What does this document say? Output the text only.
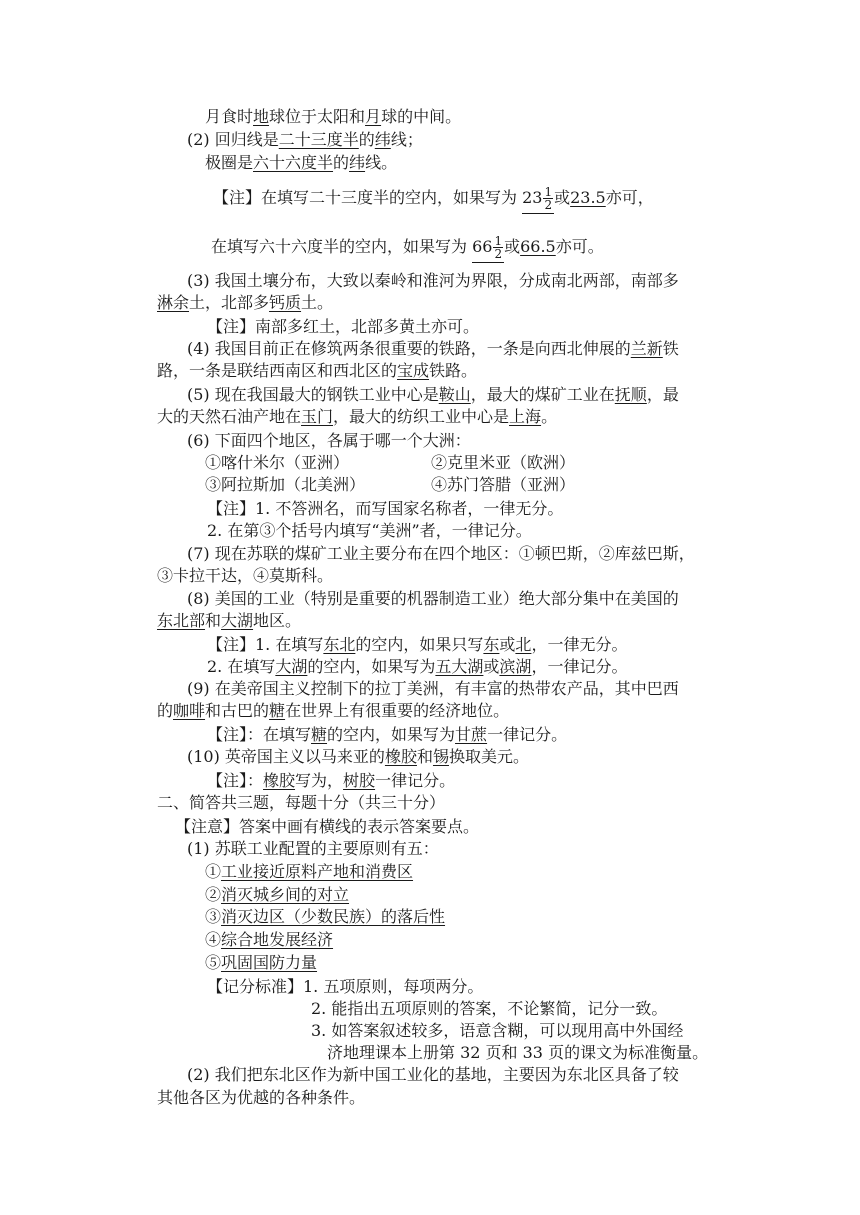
月食时地球位于太阳和月球的中间。
(2) 回归线是二十三度半的纬线；
极圈是六十六度半的纬线。
【注】在填写二十三度半的空内，如果写为 $23 \frac{1}{2}$ 或23.5亦可，
在填写六十六度半的空内，如果写为 $66 \frac{1}{2}$ 或66.5亦可。
(3) 我国土壤分布，大致以秦岭和淮河为界限，分成南北两部，南部多
淋余土，北部多钙质土。
【注】南部多红土，北部多黄土亦可。
(4) 我国目前正在修筑两条很重要的铁路，一条是向西北伸展的兰新铁
路，一条是联结西南区和西北区的宝成铁路。
(5) 现在我国最大的钢铁工业中心是鞍山，最大的煤矿工业在抚顺，最
大的天然石油产地在玉门，最大的纺织工业中心是上海。
(6) 下面四个地区，各属于哪一个大洲：
①喀什米尔（亚洲）	②克里米亚（欧洲）
③阿拉斯加（北美洲）	④苏门答腊（亚洲）
【注】1. 不答洲名，而写国家名称者，一律无分。
2. 在第③个括号内填写“美洲”者，一律记分。
(7) 现在苏联的煤矿工业主要分布在四个地区：①顿巴斯，②库兹巴斯，
③卡拉干达，④莫斯科。
(8) 美国的工业（特别是重要的机器制造工业）绝大部分集中在美国的
东北部和大湖地区。
【注】1. 在填写东北的空内，如果只写东或北，一律无分。
2. 在填写大湖的空内，如果写为五大湖或滨湖，一律记分。
(9) 在美帝国主义控制下的拉丁美洲，有丰富的热带农产品，其中巴西
的咖啡和古巴的糖在世界上有很重要的经济地位。
【注】：在填写糖的空内，如果写为甘蔗一律记分。
(10) 英帝国主义以马来亚的橡胶和锡换取美元。
【注】：橡胶写为，树胶一律记分。
二、简答共三题，每题十分（共三十分）
【注意】答案中画有横线的表示答案要点。
(1) 苏联工业配置的主要原则有五：
①工业接近原料产地和消费区
②消灭城乡间的对立
③消灭边区（少数民族）的落后性
④综合地发展经济
⑤巩固国防力量
【记分标准】1. 五项原则，每项两分。
2. 能指出五项原则的答案，不论繁简，记分一致。
3. 如答案叙述较多，语意含糊，可以现用高中外国经
济地理课本上册第 32 页和 33 页的课文为标准衡量。
(2) 我们把东北区作为新中国工业化的基地，主要因为东北区具备了较
其他各区为优越的各种条件。
